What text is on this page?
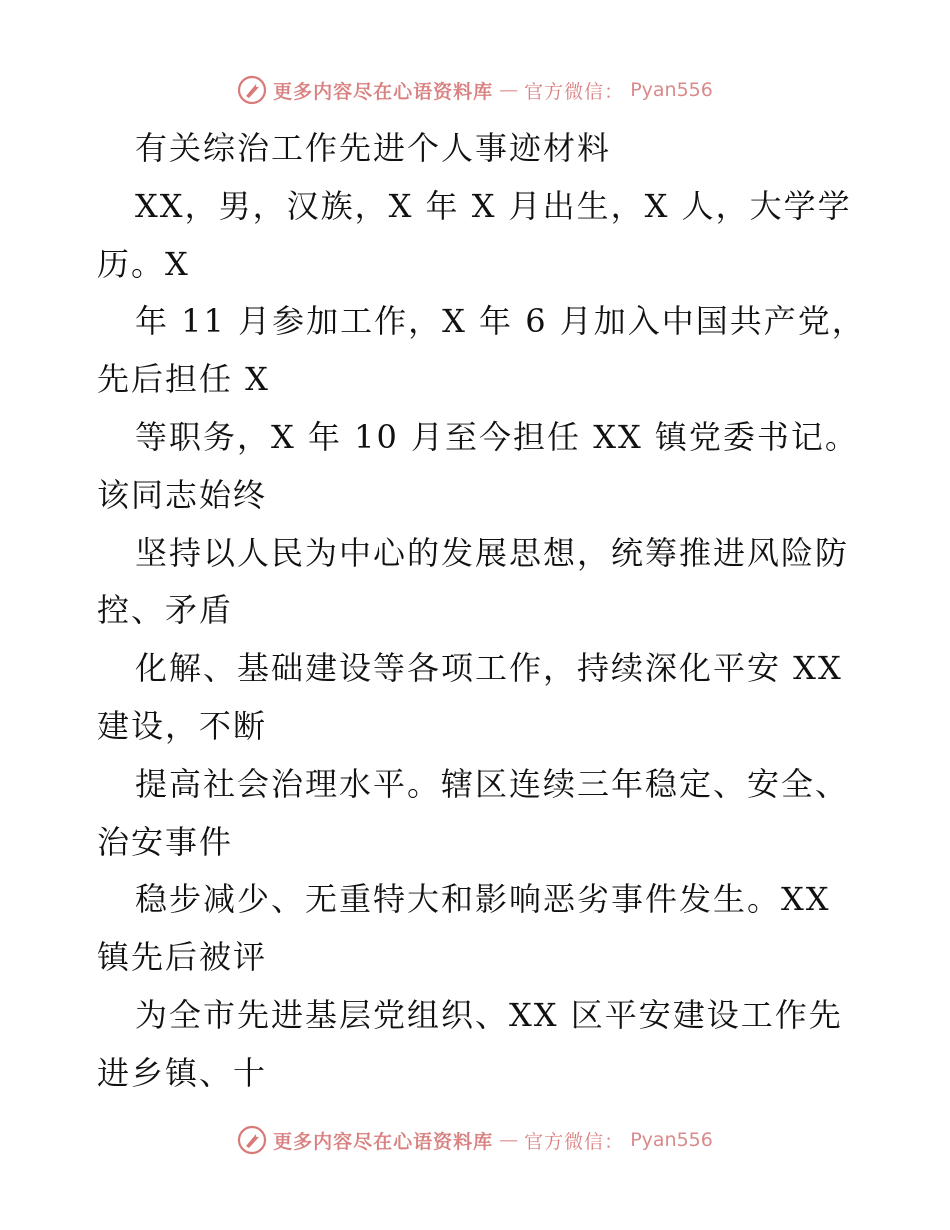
更多内容尽在心语资料库 — 官方微信： Pyan556
有关综治工作先进个人事迹材料
XX，男，汉族，X 年 X 月出生，X 人，大学学
历。X
年 11 月参加工作，X 年 6 月加入中国共产党，
先后担任 X
等职务，X 年 10 月至今担任 XX 镇党委书记。
该同志始终
坚持以人民为中心的发展思想，统筹推进风险防
控、矛盾
化解、基础建设等各项工作，持续深化平安 XX
建设，不断
提高社会治理水平。辖区连续三年稳定、安全、
治安事件
稳步减少、无重特大和影响恶劣事件发生。XX
镇先后被评
为全市先进基层党组织、XX 区平安建设工作先
进乡镇、十
更多内容尽在心语资料库 — 官方微信： Pyan556
